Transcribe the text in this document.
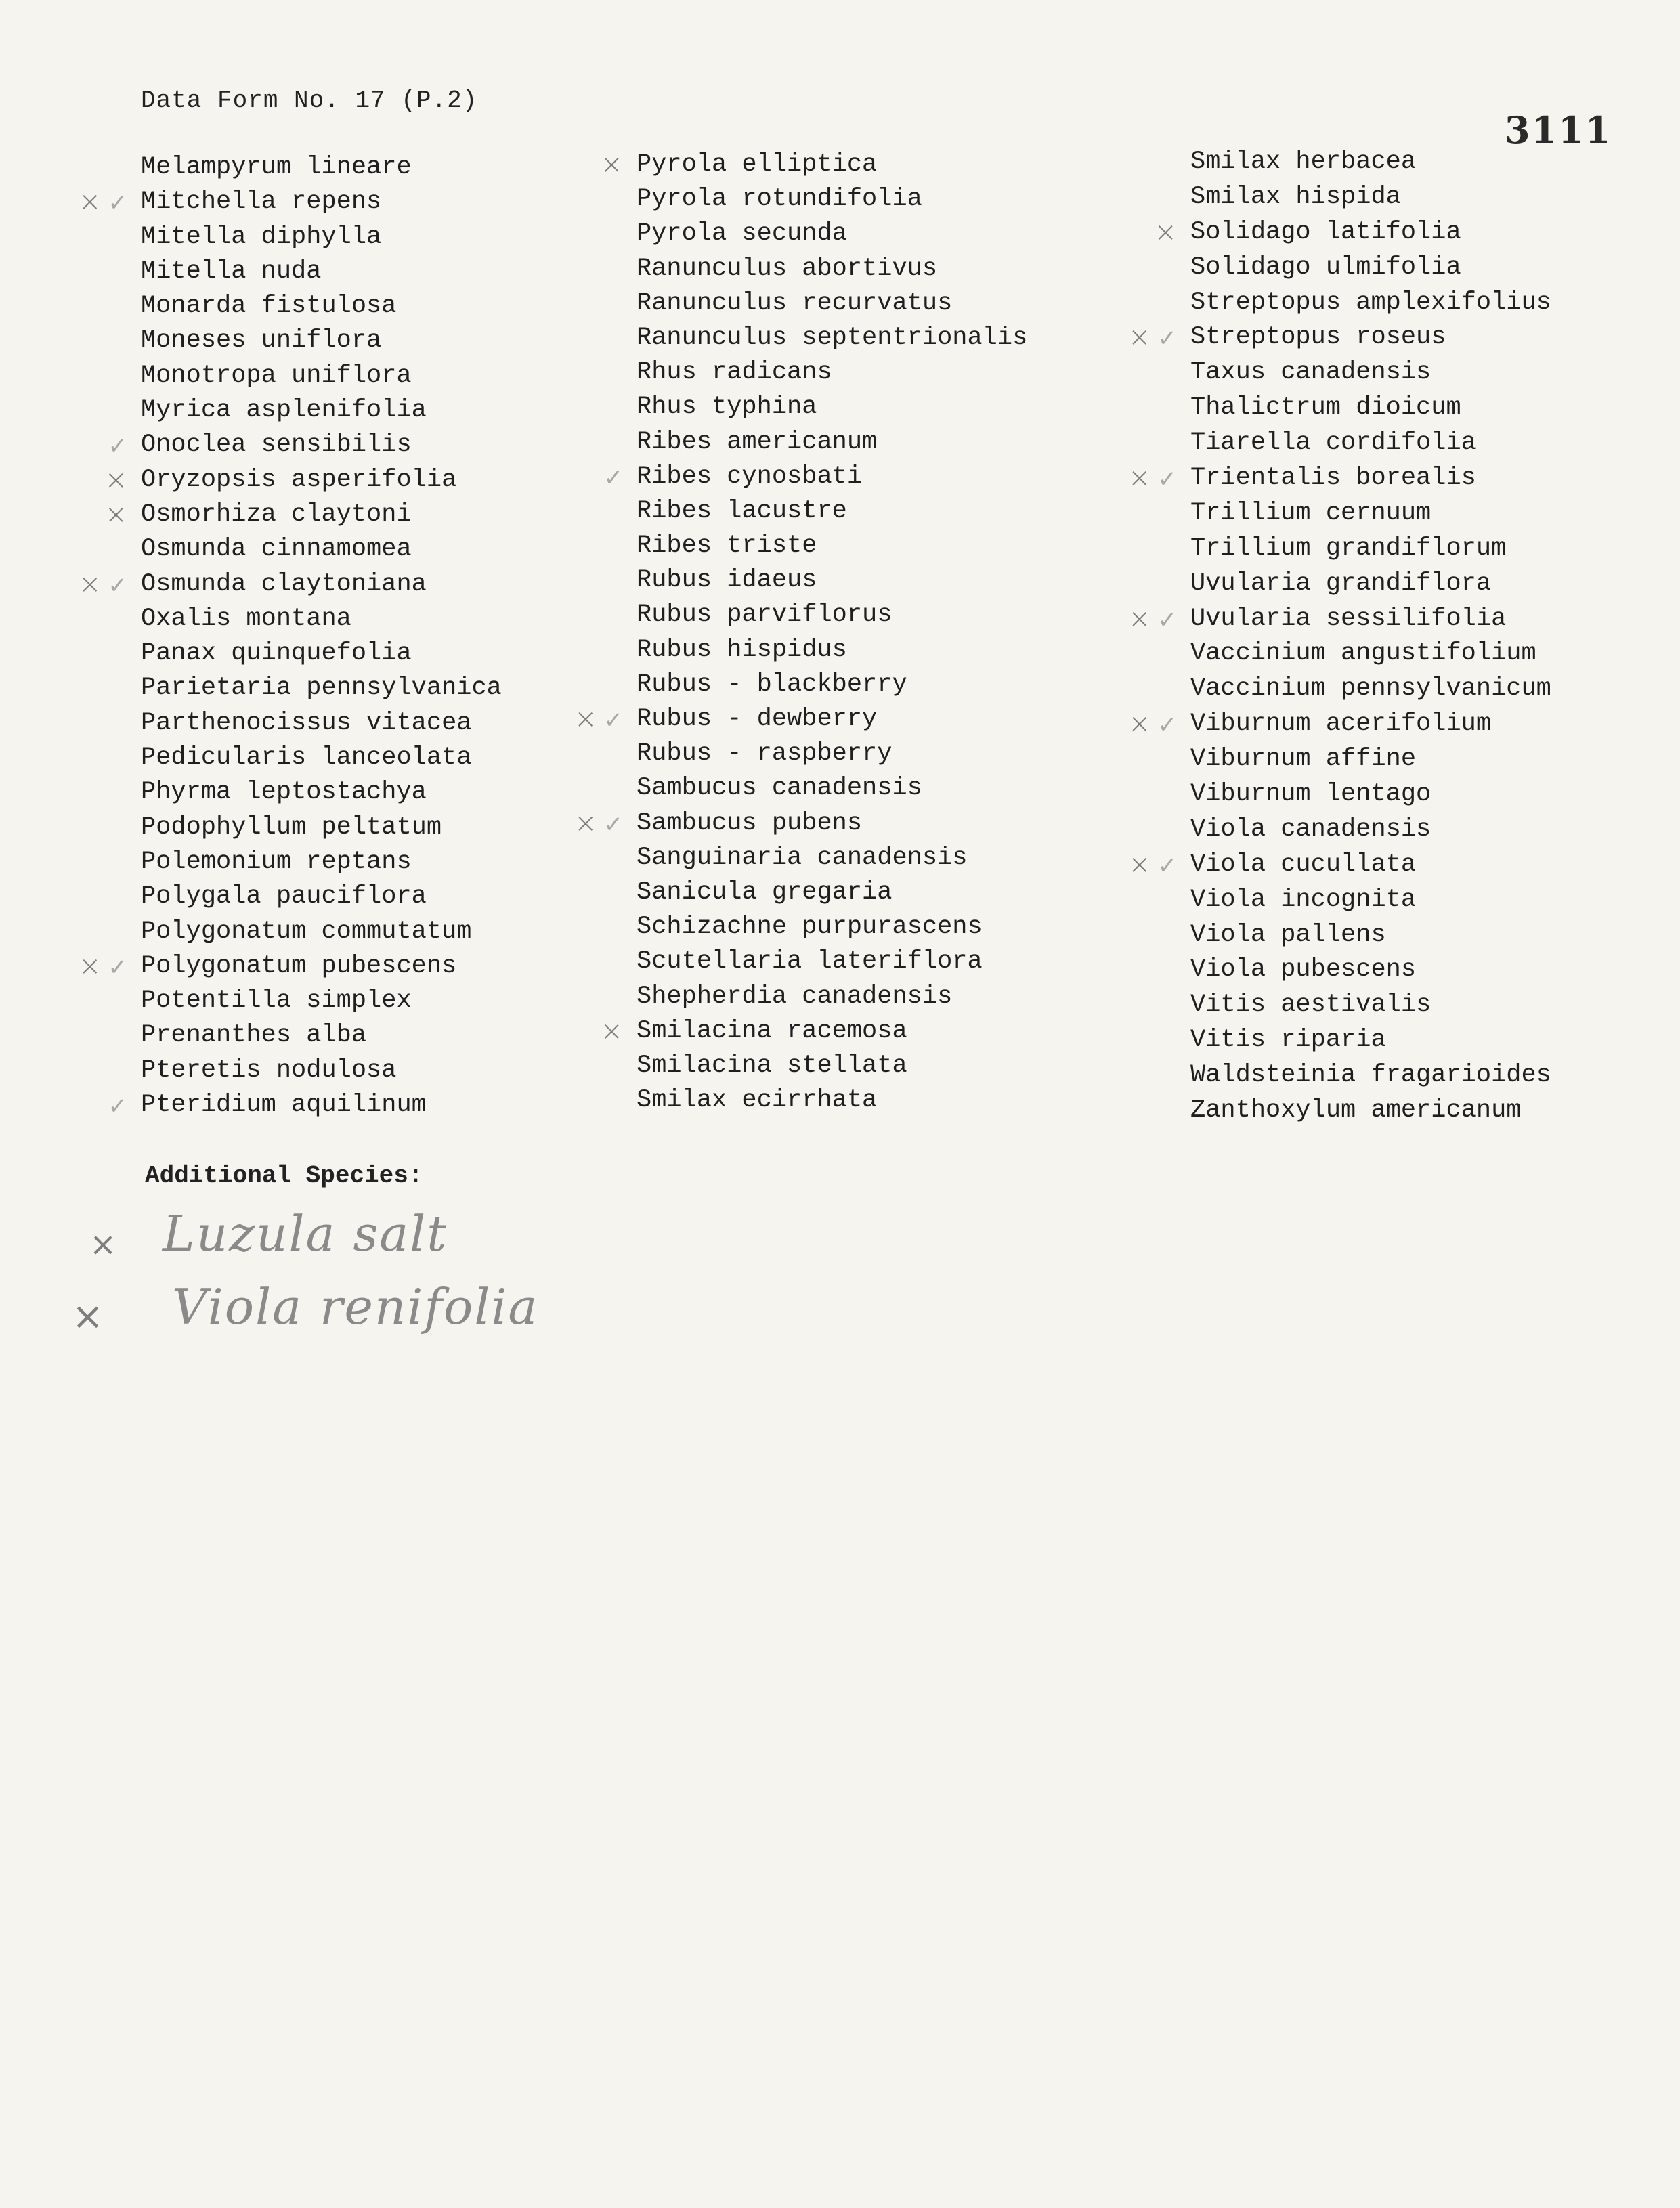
Data Form No. 17 (P.2)
3111
Melampyrum lineare
×✓ Mitchella repens
Mitella diphylla
Mitella nuda
Monarda fistulosa
Moneses uniflora
Monotropa uniflora
Myrica asplenifolia
✓ Onoclea sensibilis
× Oryzopsis asperifolia
× Osmorhiza claytoni
Osmunda cinnamomea
×✓ Osmunda claytoniana
Oxalis montana
Panax quinquefolia
Parietaria pennsylvanica
Parthenocissus vitacea
Pedicularis lanceolata
Phyrma leptostachya
Podophyllum peltatum
Polemonium reptans
Polygala pauciflora
Polygonatum commutatum
×✓ Polygonatum pubescens
Potentilla simplex
Prenanthes alba
Pteretis nodulosa
✓ Pteridium aquilinum
× Pyrola elliptica
Pyrola rotundifolia
Pyrola secunda
Ranunculus abortivus
Ranunculus recurvatus
Ranunculus septentrionalis
Rhus radicans
Rhus typhina
Ribes americanum
✓ Ribes cynosbati
Ribes lacustre
Ribes triste
Rubus idaeus
Rubus parviflorus
Rubus hispidus
Rubus - blackberry
×✓ Rubus - dewberry
Rubus - raspberry
Sambucus canadensis
×✓ Sambucus pubens
Sanguinaria canadensis
Sanicula gregaria
Schizachne purpurascens
Scutellaria lateriflora
Shepherdia canadensis
× Smilacina racemosa
Smilacina stellata
Smilax ecirrhata
Smilax herbacea
Smilax hispida
× Solidago latifolia
Solidago ulmifolia
Streptopus amplexifolius
×✓ Streptopus roseus
Taxus canadensis
Thalictrum dioicum
Tiarella cordifolia
×✓ Trientalis borealis
Trillium cernuum
Trillium grandiflorum
Uvularia grandiflora
×✓ Uvularia sessilifolia
Vaccinium angustifolium
Vaccinium pennsylvanicum
×✓ Viburnum acerifolium
Viburnum affine
Viburnum lentago
Viola canadensis
×✓ Viola cucullata
Viola incognita
Viola pallens
Viola pubescens
Vitis aestivalis
Vitis riparia
Waldsteinia fragarioides
Zanthoxylum americanum
Additional Species:
× Luzula salt
× Viola renifolia
